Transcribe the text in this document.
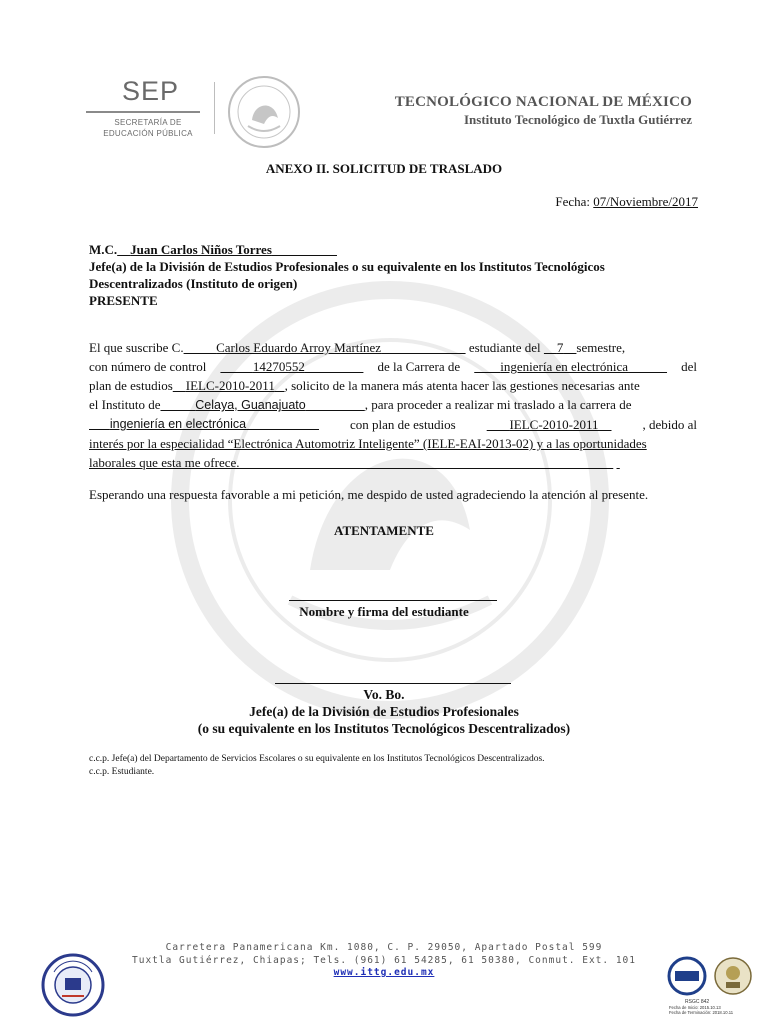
SEP
SECRETARÍA DE
EDUCACIÓN PÚBLICA
TECNOLÓGICO NACIONAL DE MÉXICO
Instituto Tecnológico de Tuxtla Gutiérrez
ANEXO II. SOLICITUD DE TRASLADO
Fecha: 07/Noviembre/2017
M.C. Juan Carlos Niños Torres__________
Jefe(a) de la División de Estudios Profesionales o su equivalente en los Institutos Tecnológicos
Descentralizados (Instituto de origen)
PRESENTE
El que suscribe C.	Carlos Eduardo Arroy Martínez	estudiante del     7 semestre,
con número de control	14270552	de la Carrera de	ingeniería en electrónica	del
plan de estudios IELC-2010-2011 , solicito de la manera más atenta hacer las gestiones necesarias ante
el Instituto de	Celaya, Guanajuato	, para proceder a realizar mi traslado a la carrera de
ingeniería en electrónica	con plan de estudios	IELC-2010-2011	, debido al
interés por la especialidad “Electrónica Automotriz Inteligente” (IELE-EAI-2013-02) y a las oportunidades
laborales que esta me ofrece.
Esperando una respuesta favorable a mi petición, me despido de usted agradeciendo la atención al presente.
ATENTAMENTE
Nombre y firma del estudiante
Vo. Bo.
Jefe(a) de la División de Estudios Profesionales
(o su equivalente en los Institutos Tecnológicos Descentralizados)
c.c.p. Jefe(a) del Departamento de Servicios Escolares o su equivalente en los Institutos Tecnológicos Descentralizados.
c.c.p. Estudiante.
Carretera Panamericana Km. 1080, C. P. 29050, Apartado Postal 599
Tuxtla Gutiérrez, Chiapas; Tels. (961) 61 54285, 61 50380, Conmut. Ext. 101
www.ittg.edu.mx
RSGC 842
Fecha de Inicio: 2015.10.13
Fecha de Terminación: 2018.10.11
